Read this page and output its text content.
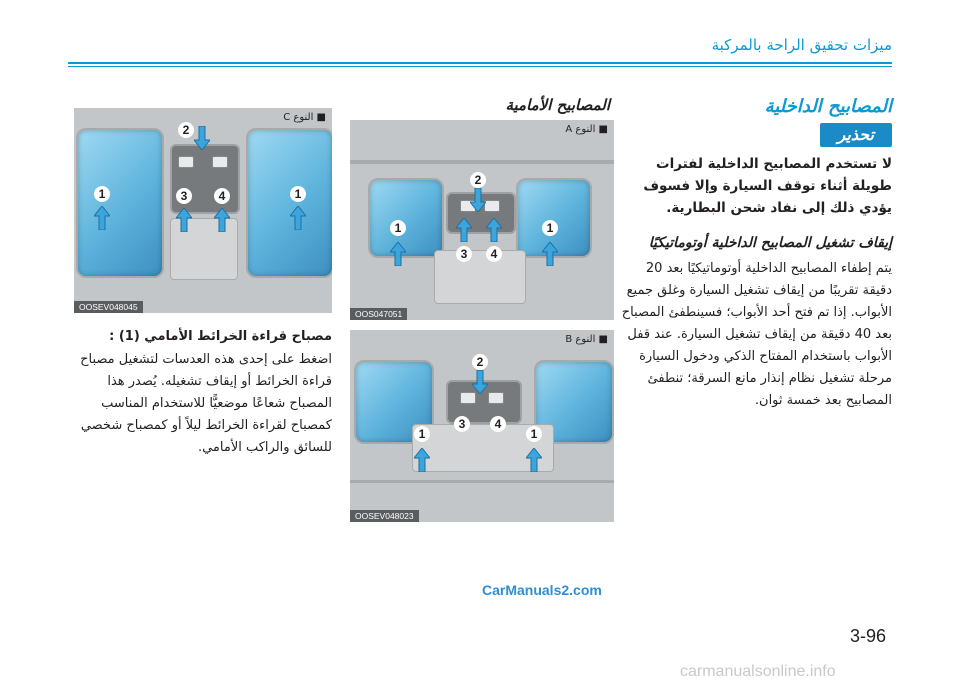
ميزات تحقيق الراحة بالمركبة
المصابيح الداخلية
تحذير

لا تستخدم المصابيح الداخلية لفترات طويلة أثناء توقف السيارة وإلا فسوف يؤدي ذلك إلى نفاد شحن البطارية.

إيقاف تشغيل المصابيح الداخلية أوتوماتيكيًا

يتم إطفاء المصابيح الداخلية أوتوماتيكيًا بعد 20 دقيقة تقريبًا من إيقاف تشغيل السيارة وغلق جميع الأبواب. إذا تم فتح أحد الأبواب؛ فسينطفئ المصباح بعد 40 دقيقة من إيقاف تشغيل السيارة. عند قفل الأبواب باستخدام المفتاح الذكي ودخول السيارة مرحلة تشغيل نظام إنذار مانع السرقة؛ تنطفئ المصابيح بعد خمسة ثوان.

المصابيح الأمامية
■ النوع A
1
2
3	4
1
OOS047051
■ النوع B
1
2
3	4
1
OOSEV048023
■ النوع C
1
2
3	4	1
OOSEV048045

مصباح قراءة الخرائط الأمامي (1) :

اضغط على إحدى هذه العدسات لتشغيل مصباح قراءة الخرائط أو إيقاف تشغيله. يُصدر هذا المصباح شعاعًا موضعيًّا للاستخدام المناسب كمصباح لقراءة الخرائط ليلاً أو كمصباح شخصي للسائق والراكب الأمامي.

CarManuals2.com
3-96
carmanualsonline.info
